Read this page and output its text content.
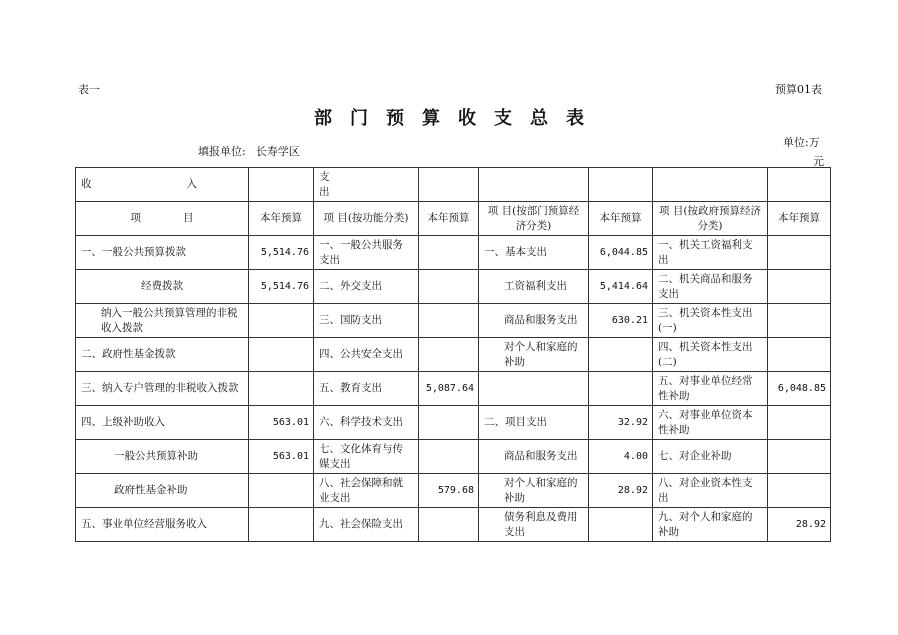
表一	预算01表
部门预算收支总表
填报单位: 长寿学区
单位:万
元
收 入		支
出					
项　　　　目	本年预算	项 目(按功能分类)	本年预算	项 目(按部门预算经济分类)	本年预算	项 目(按政府预算经济分类)	本年预算
一、一般公共预算拨款	5,514.76	一、一般公共服务支出		一、基本支出	6,044.85	一、机关工资福利支出	
经费拨款	5,514.76	二、外交支出		工资福利支出	5,414.64	二、机关商品和服务支出	
纳入一般公共预算管理的非税收入拨款		三、国防支出		商品和服务支出	630.21	三、机关资本性支出(一)	
二、政府性基金拨款		四、公共安全支出		对个人和家庭的补助		四、机关资本性支出(二)	
三、纳入专户管理的非税收入拨款		五、教育支出	5,087.64			五、对事业单位经常性补助	6,048.85
四、上级补助收入	563.01	六、科学技术支出		二、项目支出	32.92	六、对事业单位资本性补助	
一般公共预算补助	563.01	七、文化体育与传媒支出		商品和服务支出	4.00	七、对企业补助	
政府性基金补助		八、社会保障和就业支出	579.68	对个人和家庭的补助	28.92	八、对企业资本性支出	
五、事业单位经营服务收入		九、社会保险支出		债务利息及费用支出		九、对个人和家庭的补助	28.92
